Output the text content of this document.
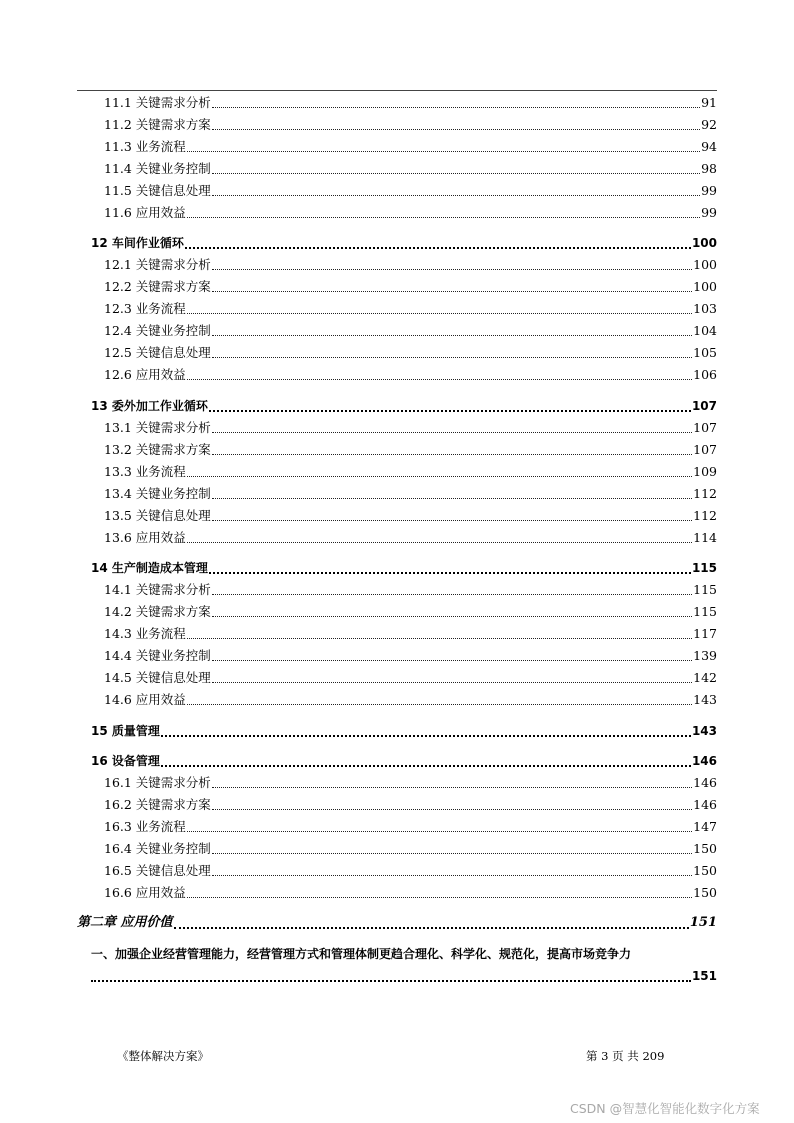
11.1 关键需求分析	91
11.2 关键需求方案	92
11.3 业务流程	94
11.4 关键业务控制	98
11.5 关键信息处理	99
11.6 应用效益	99
12 车间作业循环	100
12.1 关键需求分析	100
12.2 关键需求方案	100
12.3 业务流程	103
12.4 关键业务控制	104
12.5 关键信息处理	105
12.6 应用效益	106
13 委外加工作业循环	107
13.1 关键需求分析	107
13.2 关键需求方案	107
13.3 业务流程	109
13.4 关键业务控制	112
13.5 关键信息处理	112
13.6 应用效益	114
14 生产制造成本管理	115
14.1 关键需求分析	115
14.2 关键需求方案	115
14.3 业务流程	117
14.4 关键业务控制	139
14.5 关键信息处理	142
14.6 应用效益	143
15 质量管理	143
16 设备管理	146
16.1 关键需求分析	146
16.2 关键需求方案	146
16.3 业务流程	147
16.4 关键业务控制	150
16.5 关键信息处理	150
16.6 应用效益	150
第二章 应用价值	151
一、加强企业经营管理能力，经营管理方式和管理体制更趋合理化、科学化、规范化，提高市场竞争力
151
《整体解决方案》	第 3 页 共 209
CSDN @智慧化智能化数字化方案
